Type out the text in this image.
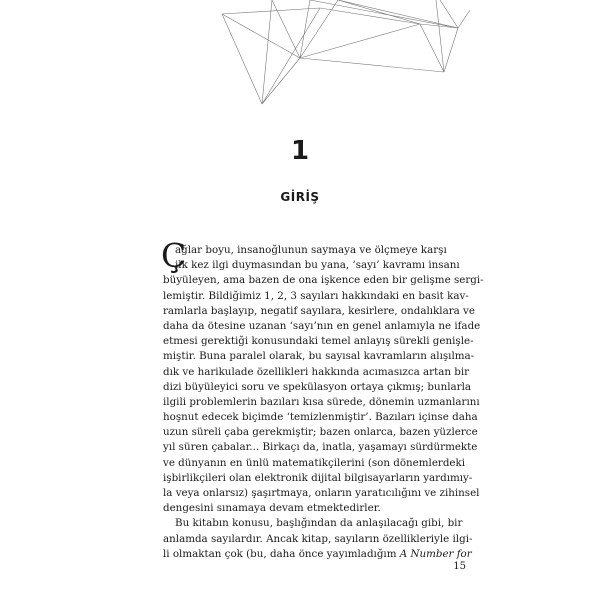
1
GİRİŞ
Ç
ağlar boyu, insanoğlunun saymaya ve ölçmeye karşı
ilk kez ilgi duymasından bu yana, ‘sayı’ kavramı insanı
büyüleyen, ama bazen de ona işkence eden bir gelişme sergi-
lemiştir. Bildiğimiz 1, 2, 3 sayıları hakkındaki en basit kav-
ramlarla başlayıp, negatif sayılara, kesirlere, ondalıklara ve
daha da ötesine uzanan ‘sayı’nın en genel anlamıyla ne ifade
etmesi gerektiği konusundaki temel anlayış sürekli genişle-
miştir. Buna paralel olarak, bu sayısal kavramların alışılma-
dık ve harikulade özellikleri hakkında acımasızca artan bir
dizi büyüleyici soru ve spekülasyon ortaya çıkmış; bunlarla
ilgili problemlerin bazıları kısa sürede, dönemin uzmanlarını
hoşnut edecek biçimde ‘temizlenmiştir’. Bazıları içinse daha
uzun süreli çaba gerekmiştir; bazen onlarca, bazen yüzlerce
yıl süren çabalar... Birkaçı da, inatla, yaşamayı sürdürmekte
ve dünyanın en ünlü matematikçilerini (son dönemlerdeki
işbirlikçileri olan elektronik dijital bilgisayarların yardımıy-
la veya onlarsız) şaşırtmaya, onların yaratıcılığını ve zihinsel
dengesini sınamaya devam etmektedirler.
Bu kitabın konusu, başlığından da anlaşılacağı gibi, bir
anlamda sayılardır. Ancak kitap, sayıların özellikleriyle ilgi-
li olmaktan çok (bu, daha önce yayımladığım A Number for
15
